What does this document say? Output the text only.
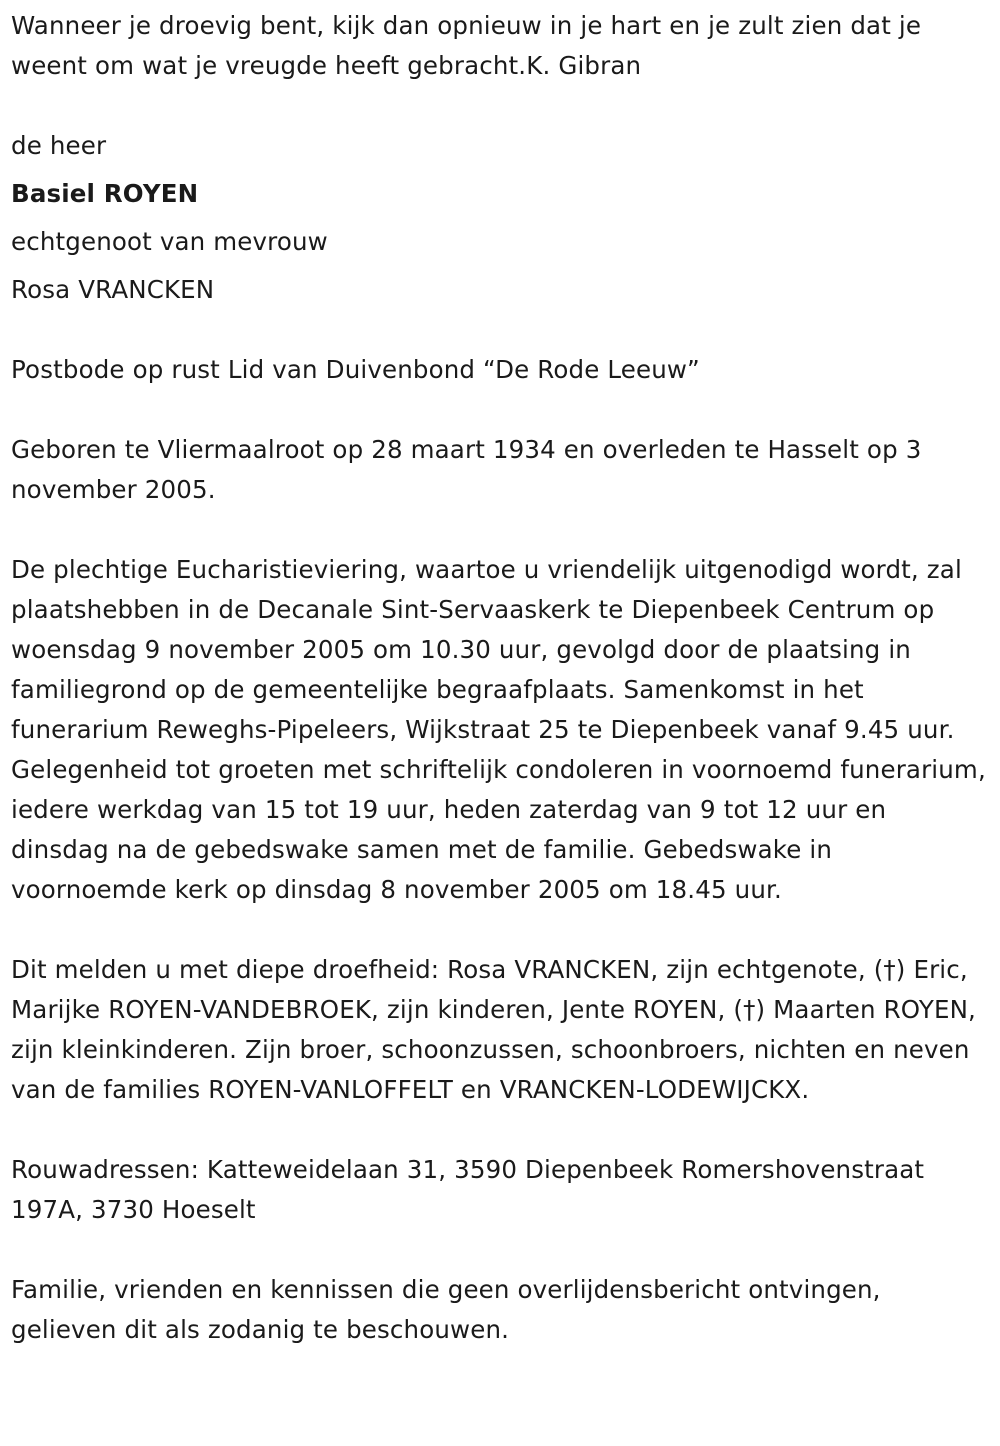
Wanneer je droevig bent, kijk dan opnieuw in je hart en je zult zien dat je weent om wat je vreugde heeft gebracht.K. Gibran

de heer

Basiel ROYEN

echtgenoot van mevrouw

Rosa VRANCKEN

Postbode op rust Lid van Duivenbond “De Rode Leeuw”

Geboren te Vliermaalroot op 28 maart 1934 en overleden te Hasselt op 3 november 2005.

De plechtige Eucharistieviering, waartoe u vriendelijk uitgenodigd wordt, zal plaatshebben in de Decanale Sint-Servaaskerk te Diepenbeek Centrum op woensdag 9 november 2005 om 10.30 uur, gevolgd door de plaatsing in familiegrond op de gemeentelijke begraafplaats. Samenkomst in het funerarium Reweghs-Pipeleers, Wijkstraat 25 te Diepenbeek vanaf 9.45 uur. Gelegenheid tot groeten met schriftelijk condoleren in voornoemd funerarium, iedere werkdag van 15 tot 19 uur, heden zaterdag van 9 tot 12 uur en dinsdag na de gebedswake samen met de familie. Gebedswake in voornoemde kerk op dinsdag 8 november 2005 om 18.45 uur.

Dit melden u met diepe droefheid: Rosa VRANCKEN, zijn echtgenote, (†) Eric, Marijke ROYEN-VANDEBROEK, zijn kinderen, Jente ROYEN, (†) Maarten ROYEN, zijn kleinkinderen. Zijn broer, schoonzussen, schoonbroers, nichten en neven van de families ROYEN-VANLOFFELT en VRANCKEN-LODEWIJCKX.

Rouwadressen: Katteweidelaan 31, 3590 Diepenbeek Romershovenstraat 197A, 3730 Hoeselt

Familie, vrienden en kennissen die geen overlijdensbericht ontvingen, gelieven dit als zodanig te beschouwen.
